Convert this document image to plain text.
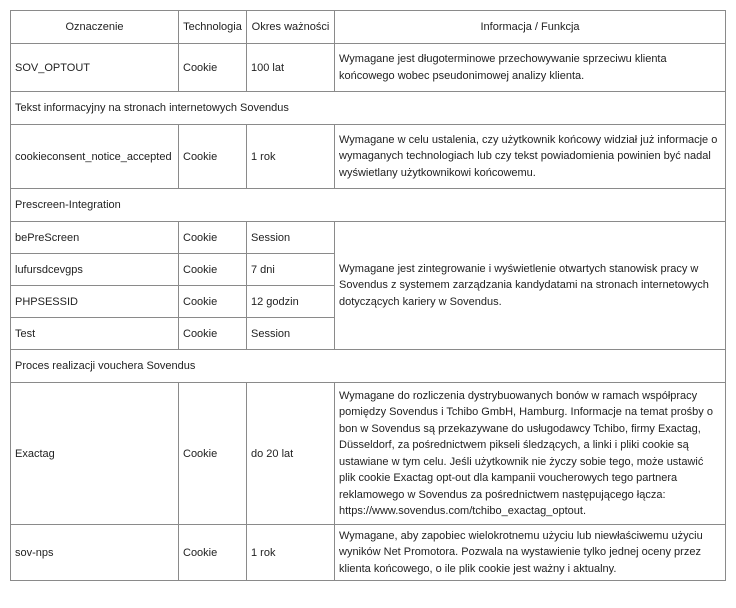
Oznaczenie	Technologia	Okres ważności	Informacja / Funkcja
SOV_OPTOUT	Cookie	100 lat	Wymagane jest długoterminowe przechowywanie sprzeciwu klienta końcowego wobec pseudonimowej analizy klienta.
Tekst informacyjny na stronach internetowych Sovendus			
cookieconsent_notice_accepted	Cookie	1 rok	Wymagane w celu ustalenia, czy użytkownik końcowy widział już informacje o wymaganych technologiach lub czy tekst powiadomienia powinien być nadal wyświetlany użytkownikowi końcowemu.
Prescreen-Integration			
bePreScreen	Cookie	Session	Wymagane jest zintegrowanie i wyświetlenie otwartych stanowisk pracy w Sovendus z systemem zarządzania kandydatami na stronach internetowych dotyczących kariery w Sovendus.
lufursdcevgps	Cookie	7 dni	
PHPSESSID	Cookie	12 godzin	
Test	Cookie	Session	
Proces realizacji vouchera Sovendus			
Exactag	Cookie	do 20 lat	Wymagane do rozliczenia dystrybuowanych bonów w ramach współpracy pomiędzy Sovendus i Tchibo GmbH, Hamburg. Informacje na temat prośby o bon w Sovendus są przekazywane do usługodawcy Tchibo, firmy Exactag, Düsseldorf, za pośrednictwem pikseli śledzących, a linki i pliki cookie są ustawiane w tym celu. Jeśli użytkownik nie życzy sobie tego, może ustawić plik cookie Exactag opt-out dla kampanii voucherowych tego partnera reklamowego w Sovendus za pośrednictwem następującego łącza: https://www.sovendus.com/tchibo_exactag_optout.
sov-nps	Cookie	1 rok	Wymagane, aby zapobiec wielokrotnemu użyciu lub niewłaściwemu użyciu wyników Net Promotora. Pozwala na wystawienie tylko jednej oceny przez klienta końcowego, o ile plik cookie jest ważny i aktualny.
